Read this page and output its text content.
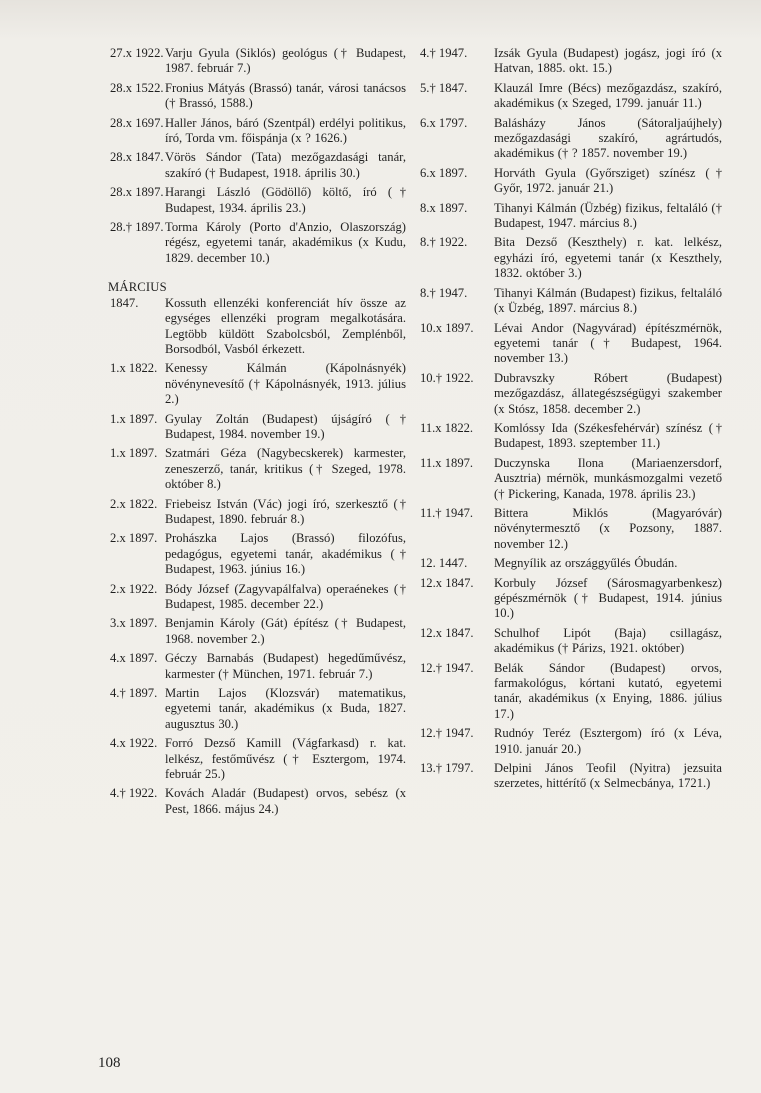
27.x 1922. Varju Gyula (Siklós) geológus († Budapest, 1987. február 7.)
28.x 1522. Fronius Mátyás (Brassó) tanár, városi tanácsos († Brassó, 1588.)
28.x 1697. Haller János, báró (Szentpál) erdélyi politikus, író, Torda vm. főispánja (x ? 1626.)
28.x 1847. Vörös Sándor (Tata) mezőgazdasági tanár, szakíró († Budapest, 1918. április 30.)
28.x 1897. Harangi László (Gödöllő) költő, író († Budapest, 1934. április 23.)
28.† 1897. Torma Károly (Porto d'Anzio, Olaszország) régész, egyetemi tanár, akadémikus (x Kudu, 1829. december 10.)
MÁRCIUS
1847.	Kossuth ellenzéki konferenciát hív össze az egységes ellenzéki program megalkotására. Legtöbb küldött Szabolcsból, Zemplénből, Borsodból, Vasból érkezett.
1.x 1822. Kenessy Kálmán (Kápolnásnyék) növénynevesítő († Kápolnásnyék, 1913. július 2.)
1.x 1897. Gyulay Zoltán (Budapest) újságíró († Budapest, 1984. november 19.)
1.x 1897. Szatmári Géza (Nagybecskerek) karmester, zeneszerző, tanár, kritikus († Szeged, 1978. október 8.)
2.x 1822. Friebeisz István (Vác) jogi író, szerkesztő († Budapest, 1890. február 8.)
2.x 1897. Prohászka Lajos (Brassó) filozófus, pedagógus, egyetemi tanár, akadémikus († Budapest, 1963. június 16.)
2.x 1922. Bódy József (Zagyvapálfalva) operaénekes († Budapest, 1985. december 22.)
3.x 1897. Benjamin Károly (Gát) építész († Budapest, 1968. november 2.)
4.x 1897. Géczy Barnabás (Budapest) hegedűművész, karmester († München, 1971. február 7.)
4.† 1897. Martin Lajos (Klozsvár) matematikus, egyetemi tanár, akadémikus (x Buda, 1827. augusztus 30.)
4.x 1922. Forró Dezső Kamill (Vágfarkasd) r. kat. lelkész, festőművész († Esztergom, 1974. február 25.)
4.† 1922. Kovách Aladár (Budapest) orvos, sebész (x Pest, 1866. május 24.)
4.† 1947.	Izsák Gyula (Budapest) jogász, jogi író (x Hatvan, 1885. okt. 15.)
5.† 1847.	Klauzál Imre (Bécs) mezőgazdász, szakíró, akadémikus (x Szeged, 1799. január 11.)
6.x 1797.	Balásházy János (Sátoraljaújhely) mezőgazdasági szakíró, agrártudós, akadémikus († ? 1857. november 19.)
6.x 1897.	Horváth Gyula (Győrsziget) színész († Győr, 1972. január 21.)
8.x 1897.	Tihanyi Kálmán (Üzbég) fizikus, feltaláló († Budapest, 1947. március 8.)
8.† 1922.	Bita Dezső (Keszthely) r. kat. lelkész, egyházi író, egyetemi tanár (x Keszthely, 1832. október 3.)
8.† 1947.	Tihanyi Kálmán (Budapest) fizikus, feltaláló (x Üzbég, 1897. március 8.)
10.x 1897.	Lévai Andor (Nagyvárad) építészmérnök, egyetemi tanár († Budapest, 1964. november 13.)
10.† 1922.	Dubravszky Róbert (Budapest) mezőgazdász, állategészségügyi szakember (x Stósz, 1858. december 2.)
11.x 1822.	Komlóssy Ida (Székesfehérvár) színész († Budapest, 1893. szeptember 11.)
11.x 1897.	Duczynska Ilona (Mariaenzersdorf, Ausztria) mérnök, munkásmozgalmi vezető († Pickering, Kanada, 1978. április 23.)
11.† 1947.	Bittera Miklós (Magyaróvár) növénytermesztő (x Pozsony, 1887. november 12.)
12. 1447.	Megnyílik az országgyűlés Óbudán.
12.x 1847.	Korbuly József (Sárosmagyarbenkesz) gépészmérnök († Budapest, 1914. június 10.)
12.x 1847.	Schulhof Lipót (Baja) csillagász, akadémikus († Párizs, 1921. október)
12.† 1947.	Belák Sándor (Budapest) orvos, farmakológus, kórtani kutató, egyetemi tanár, akadémikus (x Enying, 1886. július 17.)
12.† 1947.	Rudnóy Teréz (Esztergom) író (x Léva, 1910. január 20.)
13.† 1797.	Delpini János Teofil (Nyitra) jezsuita szerzetes, hittérítő (x Selmecbánya, 1721.)
108
